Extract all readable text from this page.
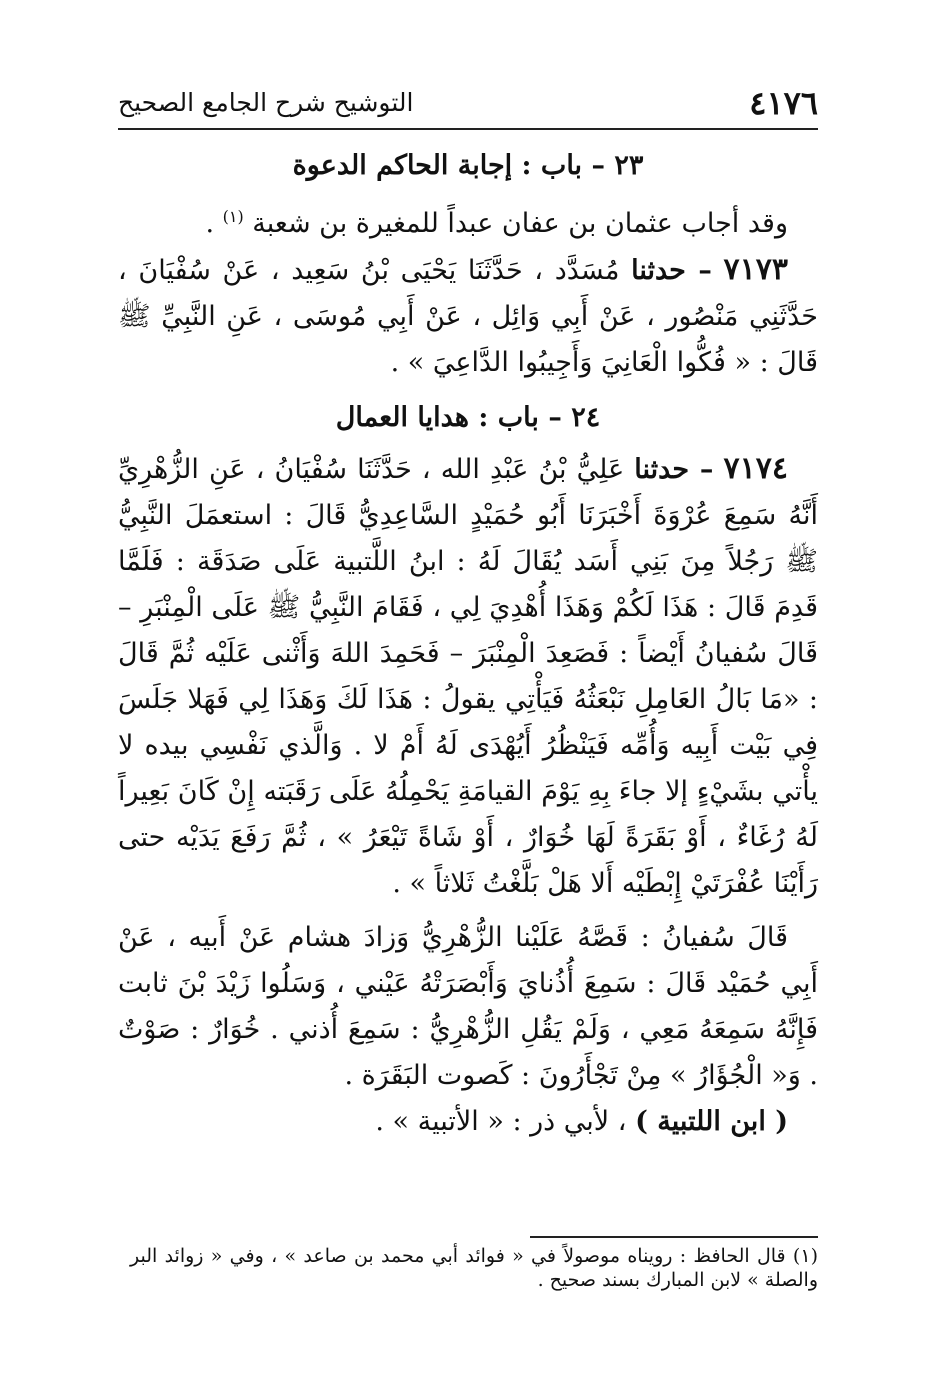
٤١٧٦
التوشيح شرح الجامع الصحيح
٢٣ – باب : إجابة الحاكم الدعوة

وقد أجاب عثمان بن عفان عبداً للمغيرة بن شعبة $^{(١)}$ .

٧١٧٣ – حدثنا مُسَدَّد ، حَدَّثَنَا يَحْيَى بْنُ سَعِيد ، عَنْ سُفْيَانَ ، حَدَّثَنِي مَنْصُور ، عَنْ أَبِي وَائِل ، عَنْ أَبِي مُوسَى ، عَنِ النَّبِيِّ ﷺ قَالَ : « فُكُّوا الْعَانِيَ وَأَجِيبُوا الدَّاعِيَ » .

٢٤ – باب : هدايا العمال

٧١٧٤ – حدثنا عَلِيُّ بْنُ عَبْدِ الله ، حَدَّثَنَا سُفْيَانُ ، عَنِ الزُّهْرِيِّ أَنَّهُ سَمِعَ عُرْوَةَ أَخْبَرَنَا أَبُو حُمَيْدٍ السَّاعِدِيُّ قَالَ : استعمَلَ النَّبِيُّ ﷺ رَجُلاً مِنَ بَنِي أَسَد يُقَالَ لَهُ : ابنُ اللَّتبية عَلَى صَدَقَة : فَلَمَّا قَدِمَ قَالَ : هَذَا لَكُمْ وَهَذَا أُهْدِيَ لِي ، فَقَامَ النَّبِيُّ ﷺ عَلَى الْمِنْبَرِ – قَالَ سُفيانُ أَيْضاً : فَصَعِدَ الْمِنْبَرَ – فَحَمِدَ اللهَ وَأَثْنى عَلَيْه ثُمَّ قَالَ : «مَا بَالُ العَامِلِ نَبْعَثُهُ فَيَأْتِي يقولُ : هَذَا لَكَ وَهَذَا لِي فَهَلا جَلَسَ فِي بَيْت أَبِيه وَأُمِّه فَيَنْظُرُ أَيُهْدَى لَهُ أَمْ لا . وَالَّذي نَفْسِي بيده لا يأْتي بشَيْءٍ إلا جاءَ بِهِ يَوْمَ القيامَةِ يَحْمِلُهُ عَلَى رَقَبَته إِنْ كَانَ بَعِيراً لَهُ رُغَاءٌ ، أَوْ بَقَرَةً لَهَا خُوَارٌ ، أَوْ شَاةً تَيْعَرُ » ، ثُمَّ رَفَعَ يَدَيْه حتى رَأَيْنَا عُفْرَتَيْ إِبْطَيْه أَلا هَلْ بَلَّغْتُ ثَلاثاً » .

قَالَ سُفيانُ : قَصَّهُ عَلَيْنا الزُّهْرِيُّ وَزادَ هشام عَنْ أَبيه ، عَنْ أَبِي حُمَيْد قَالَ : سَمِعَ أُذُنايَ وَأَبْصَرَتْهُ عَيْني ، وَسَلُوا زَيْدَ بْنَ ثابت فَإِنَّهُ سَمِعَهُ مَعِي ، وَلَمْ يَقُلِ الزُّهْرِيُّ : سَمِعَ أُذني . خُوَارٌ : صَوْتٌ . وَ« الْجُؤَارُ » مِنْ تَجْأَرُونَ : كَصوت البَقَرَة .

( ابن اللتبية ) ، لأبي ذر : « الأتبية » .

(١) قال الحافظ : رويناه موصولاً في « فوائد أبي محمد بن صاعد » ، وفي « زوائد البر والصلة » لابن المبارك بسند صحيح .
